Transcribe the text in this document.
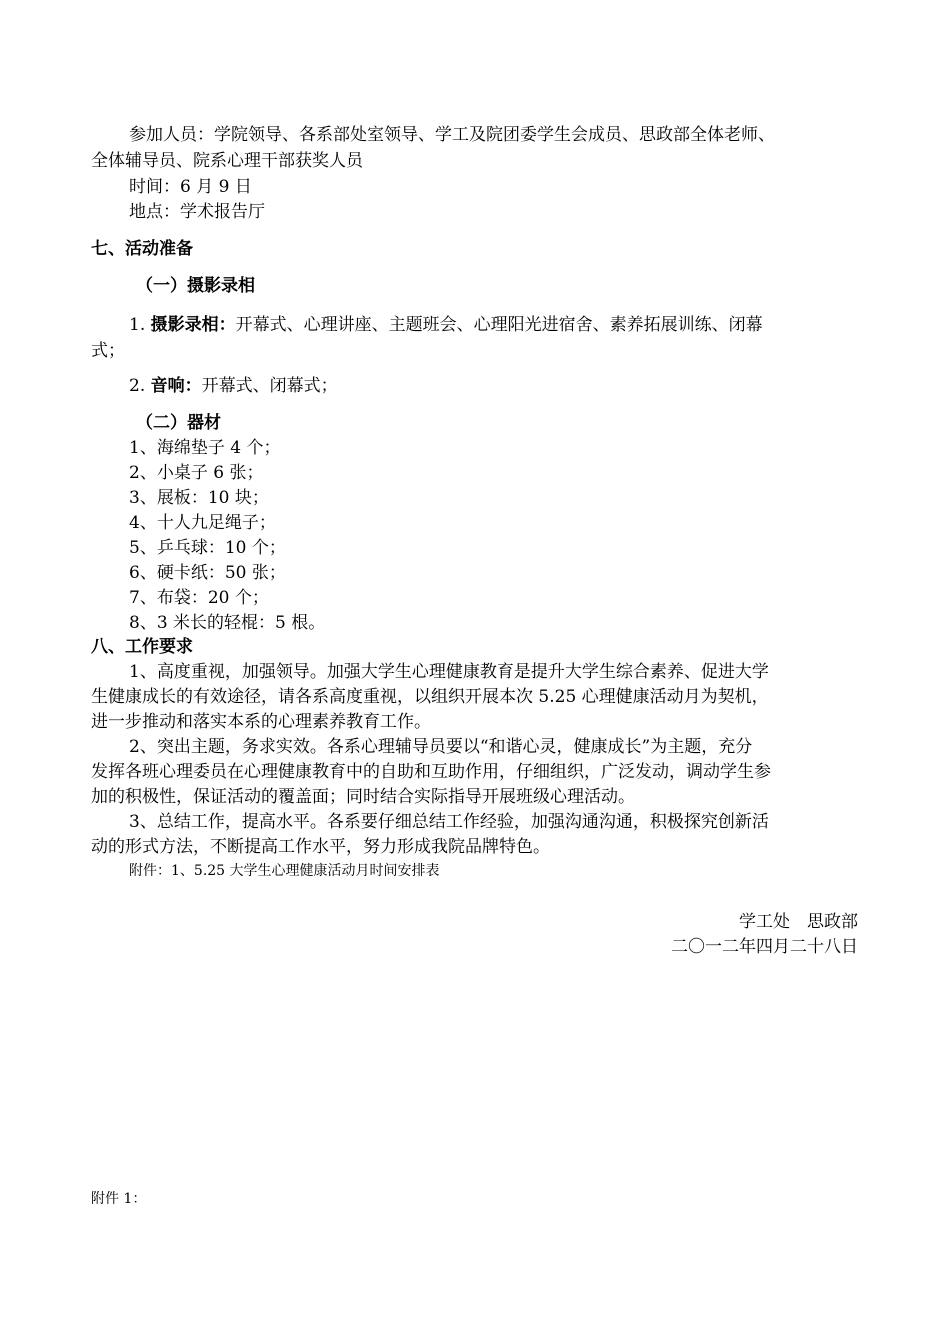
参加人员：学院领导、各系部处室领导、学工及院团委学生会成员、思政部全体老师、
全体辅导员、院系心理干部获奖人员
时间：6 月 9 日
地点：学术报告厅
七、活动准备
（一）摄影录相
1. 摄影录相：开幕式、心理讲座、主题班会、心理阳光进宿舍、素养拓展训练、闭幕
式；
2. 音响：开幕式、闭幕式；
（二）器材
1、海绵垫子 4 个；
2、小桌子 6 张；
3、展板：10 块；
4、十人九足绳子；
5、乒乓球：10 个；
6、硬卡纸：50 张；
7、布袋：20 个；
8、3 米长的轻棍：5 根。
八、工作要求
1、高度重视，加强领导。加强大学生心理健康教育是提升大学生综合素养、促进大学
生健康成长的有效途径，请各系高度重视，以组织开展本次 5.25 心理健康活动月为契机，
进一步推动和落实本系的心理素养教育工作。
2、突出主题，务求实效。各系心理辅导员要以“和谐心灵，健康成长”为主题，充分
发挥各班心理委员在心理健康教育中的自助和互助作用，仔细组织，广泛发动，调动学生参
加的积极性，保证活动的覆盖面；同时结合实际指导开展班级心理活动。
3、总结工作，提高水平。各系要仔细总结工作经验，加强沟通沟通，积极探究创新活
动的形式方法，不断提高工作水平，努力形成我院品牌特色。
附件：1、5.25 大学生心理健康活动月时间安排表
学工处　思政部
二〇一二年四月二十八日
附件 1：
